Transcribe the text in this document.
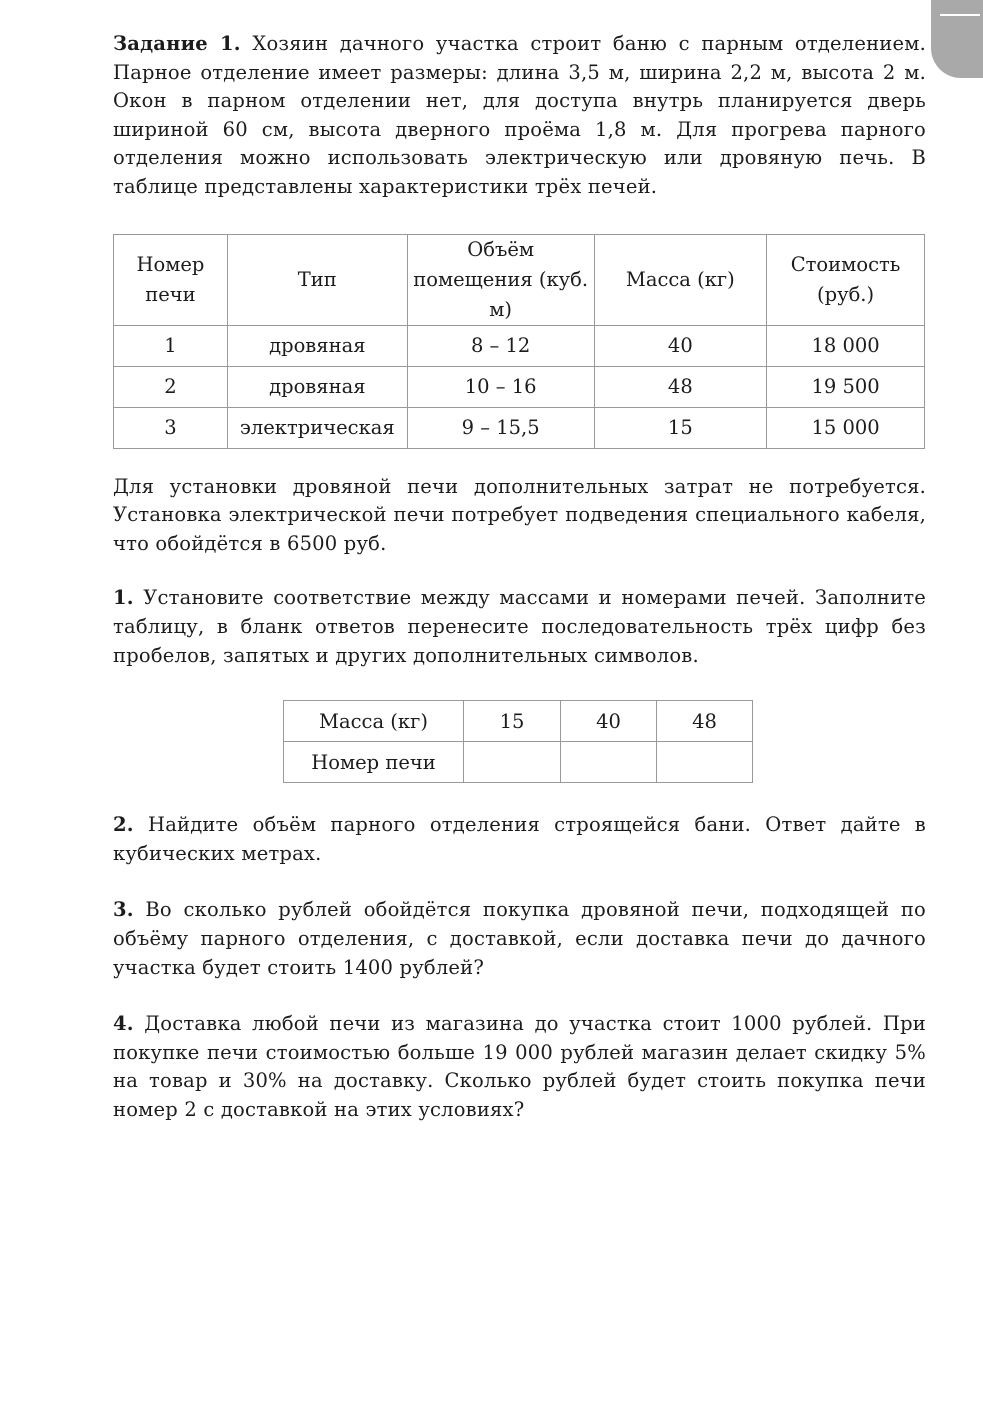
Задание 1. Хозяин дачного участка строит баню с парным отделением. Парное отделение имеет размеры: длина 3,5 м, ширина 2,2 м, высота 2 м. Окон в парном отделении нет, для доступа внутрь планируется дверь шириной 60 см, высота дверного проёма 1,8 м. Для прогрева парного отделения можно использовать электрическую или дровяную печь. В таблице представлены характеристики трёх печей.

Номер печи	Тип	Объём помещения (куб. м)	Масса (кг)	Стоимость (руб.)
1	дровяная	8 – 12	40	18 000
2	дровяная	10 – 16	48	19 500
3	электрическая	9 – 15,5	15	15 000

Для установки дровяной печи дополнительных затрат не потребуется. Установка электрической печи потребует подведения специального кабеля, что обойдётся в 6500 руб.

1. Установите соответствие между массами и номерами печей. Заполните таблицу, в бланк ответов перенесите последовательность трёх цифр без пробелов, запятых и других дополнительных символов.

Масса (кг)	15	40	48
Номер печи			

2. Найдите объём парного отделения строящейся бани. Ответ дайте в кубических метрах.

3. Во сколько рублей обойдётся покупка дровяной печи, подходящей по объёму парного отделения, с доставкой, если доставка печи до дачного участка будет стоить 1400 рублей?

4. Доставка любой печи из магазина до участка стоит 1000 рублей. При покупке печи стоимостью больше 19 000 рублей магазин делает скидку 5% на товар и 30% на доставку. Сколько рублей будет стоить покупка печи номер 2 с доставкой на этих условиях?
